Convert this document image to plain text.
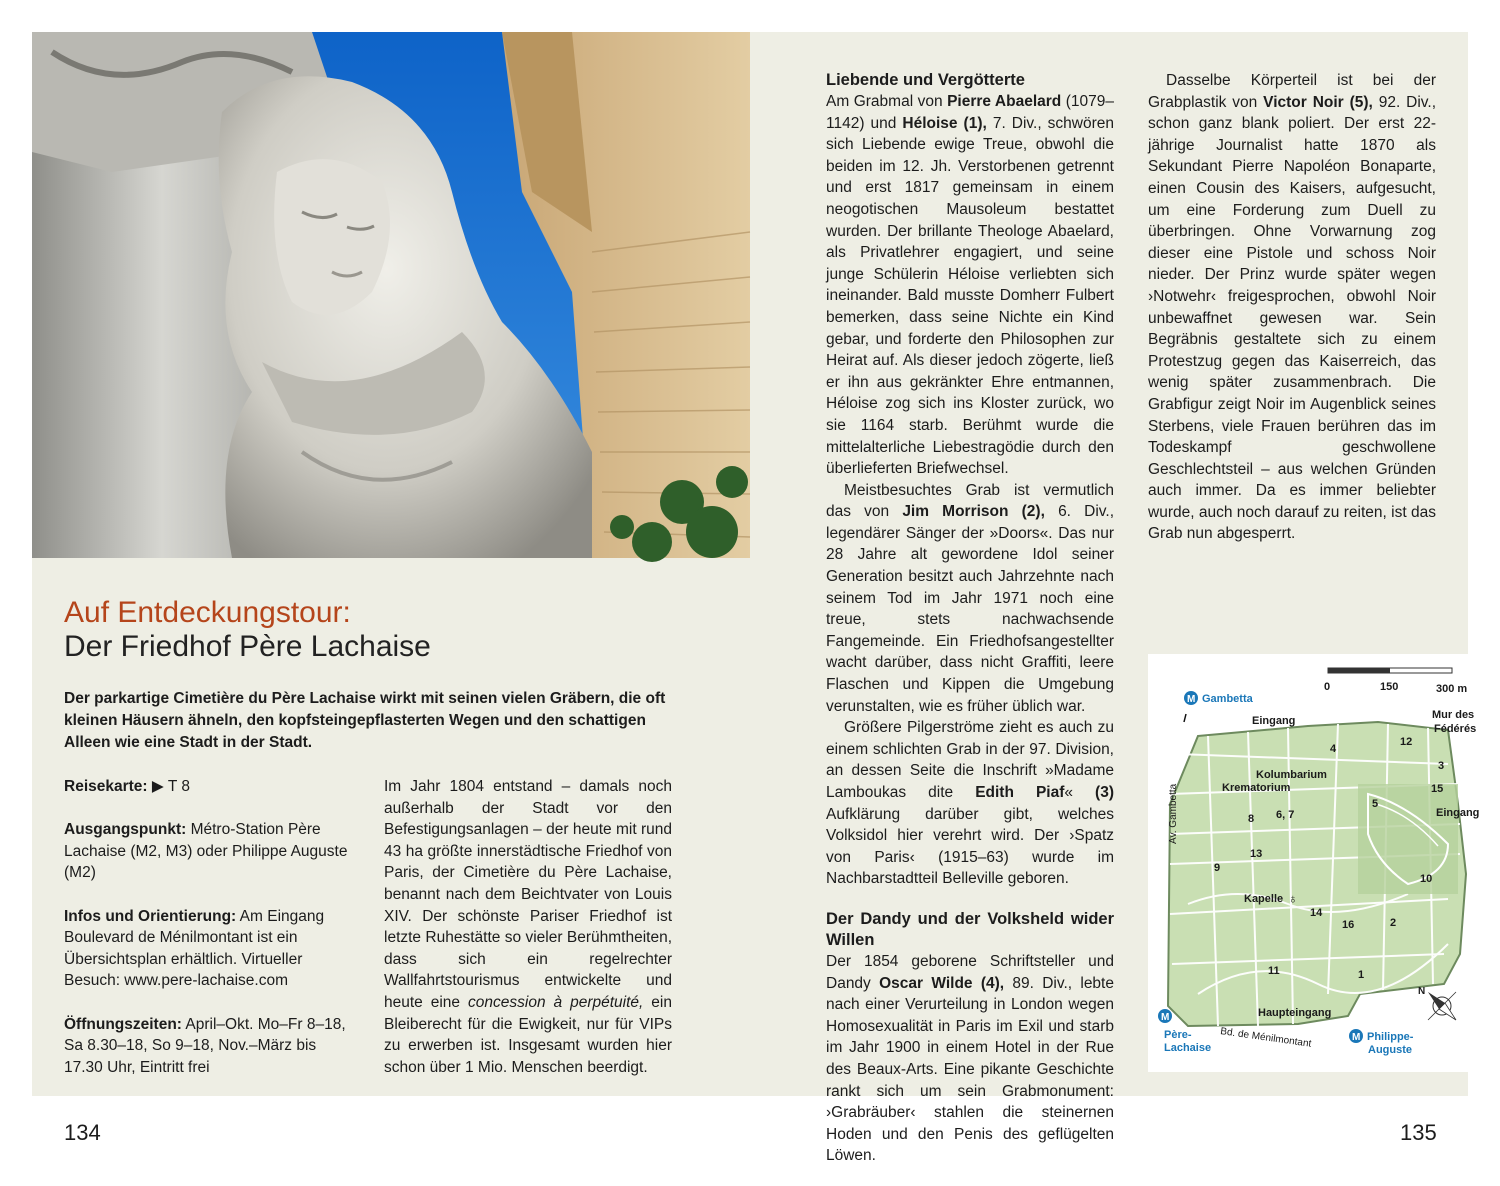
Auf Entdeckungstour:
Der Friedhof Père Lachaise

Der parkartige Cimetière du Père Lachaise wirkt mit seinen vielen Gräbern, die oft kleinen Häusern ähneln, den kopfsteingepflasterten Wegen und den schattigen Alleen wie eine Stadt in der Stadt.

Reisekarte: ▶ T 8

Ausgangspunkt: Métro-Station Père Lachaise (M2, M3) oder Philippe Auguste (M2)

Infos und Orientierung: Am Eingang Boulevard de Ménilmontant ist ein Übersichtsplan erhältlich. Virtueller Besuch: www.pere-lachaise.com

Öffnungszeiten: April–Okt. Mo–Fr 8–18, Sa 8.30–18, So 9–18, Nov.–März bis 17.30 Uhr, Eintritt frei

Im Jahr 1804 entstand – damals noch außerhalb der Stadt vor den Befestigungsanlagen – der heute mit rund 43 ha größte innerstädtische Friedhof von Paris, der Cimetière du Père Lachaise, benannt nach dem Beichtvater von Louis XIV. Der schönste Pariser Friedhof ist letzte Ruhestätte so vieler Berühmtheiten, dass sich ein regelrechter Wallfahrtstourismus entwickelte und heute eine concession à perpétuité, ein Bleiberecht für die Ewigkeit, nur für VIPs zu erwerben ist. Insgesamt wurden hier schon über 1 Mio. Menschen beerdigt.

Liebende und Vergötterte

Am Grabmal von Pierre Abaelard (1079–1142) und Héloise (1), 7. Div., schwören sich Liebende ewige Treue, obwohl die beiden im 12. Jh. Verstorbenen getrennt und erst 1817 gemeinsam in einem neogotischen Mausoleum bestattet wurden. Der brillante Theologe Abaelard, als Privatlehrer engagiert, und seine junge Schülerin Héloise verliebten sich ineinander. Bald musste Domherr Fulbert bemerken, dass seine Nichte ein Kind gebar, und forderte den Philosophen zur Heirat auf. Als dieser jedoch zögerte, ließ er ihn aus gekränkter Ehre entmannen, Héloise zog sich ins Kloster zurück, wo sie 1164 starb. Berühmt wurde die mittelalterliche Liebestragödie durch den überlieferten Briefwechsel.

Meistbesuchtes Grab ist vermutlich das von Jim Morrison (2), 6. Div., legendärer Sänger der »Doors«. Das nur 28 Jahre alt gewordene Idol seiner Generation besitzt auch Jahrzehnte nach seinem Tod im Jahr 1971 noch eine treue, stets nachwachsende Fangemeinde. Ein Friedhofsangestellter wacht darüber, dass nicht Graffiti, leere Flaschen und Kippen die Umgebung verunstalten, wie es früher üblich war.

Größere Pilgerströme zieht es auch zu einem schlichten Grab in der 97. Division, an dessen Seite die Inschrift »Madame Lamboukas dite Edith Piaf« (3) Aufklärung darüber gibt, welches Volksidol hier verehrt wird. Der ›Spatz von Paris‹ (1915–63) wurde im Nachbarstadtteil Belleville geboren.

Der Dandy und der Volksheld wider Willen

Der 1854 geborene Schriftsteller und Dandy Oscar Wilde (4), 89. Div., lebte nach einer Verurteilung in London wegen Homosexualität in Paris im Exil und starb im Jahr 1900 in einem Hotel in der Rue des Beaux-Arts. Eine pikante Geschichte rankt sich um sein Grabmonument: ›Grabräuber‹ stahlen die steinernen Hoden und den Penis des geflügelten Löwen.

Dasselbe Körperteil ist bei der Grabplastik von Victor Noir (5), 92. Div., schon ganz blank poliert. Der erst 22-jährige Journalist hatte 1870 als Sekundant Pierre Napoléon Bonaparte, einen Cousin des Kaisers, aufgesucht, um eine Forderung zum Duell zu überbringen. Ohne Vorwarnung zog dieser eine Pistole und schoss Noir nieder. Der Prinz wurde später wegen ›Notwehr‹ freigesprochen, obwohl Noir unbewaffnet gewesen war. Sein Begräbnis gestaltete sich zu einem Protestzug gegen das Kaiserreich, das wenig später zusammenbrach. Die Grabfigur zeigt Noir im Augenblick seines Sterbens, viele Frauen berühren das im Todeskampf geschwollene Geschlechtsteil – aus welchen Gründen auch immer. Da es immer beliebter wurde, auch noch darauf zu reiten, ist das Grab nun abgesperrt.

0	150	300 m
M Gambetta
M
Père-
Lachaise
M Philippe-
Auguste
Eingang	Mur des
Fédérés
Eingang
Kolumbarium
Krematorium
Kapelle
Haupteingang
Av. Gambetta
Bd. de Ménilmontant
4
12
3
15
5
8 6, 7
13
9
10
14
16	2
11	1
♁
N
134	135
